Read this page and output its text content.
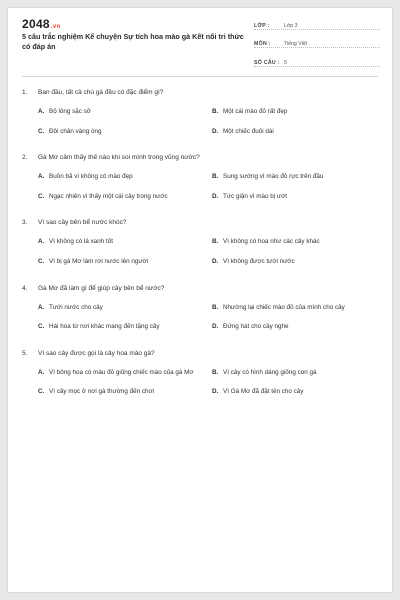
2048.vn
5 câu trắc nghiệm Kể chuyện Sự tích hoa mào gà Kết nối tri thức có đáp án
LỚP :	Lớp 3
MÔN :	Tiếng Việt
SỐ CÂU : 5
1.	Ban đầu, tất cả chú gà đều có đặc điểm gì?
A. Bộ lông sặc sỡ	B. Một cái mào đỏ rất đẹp
C. Đôi chân vàng óng	D. Một chiếc đuôi dài
2.	Gà Mơ cảm thấy thế nào khi soi mình trong vũng nước?
A. Buồn bã vì không có mào đẹp	B. Sung sướng vì mào đỏ rực trên đầu
C. Ngạc nhiên vì thấy một cái cây trong nước	D. Tức giận vì mào bị ướt
3.	Vì sao cây bên bể nước khóc?
A. Vì không có lá xanh tốt	B. Vì không có hoa như các cây khác
C. Vì bị gà Mơ làm rơi nước lên người	D. Vì không được tưới nước
4.	Gà Mơ đã làm gì để giúp cây bên bể nước?
A. Tưới nước cho cây	B. Nhường lại chiếc mào đỏ của mình cho cây
C. Hái hoa từ nơi khác mang đến tặng cây	D. Đứng hát cho cây nghe
5.	Vì sao cây được gọi là cây hoa mào gà?
A. Vì bông hoa có màu đỏ giống chiếc mào của gà Mơ	B. Vì cây có hình dáng giống con gà
C. Vì cây mọc ở nơi gà thường đến chơi	D. Vì Gà Mơ đã đặt tên cho cây
